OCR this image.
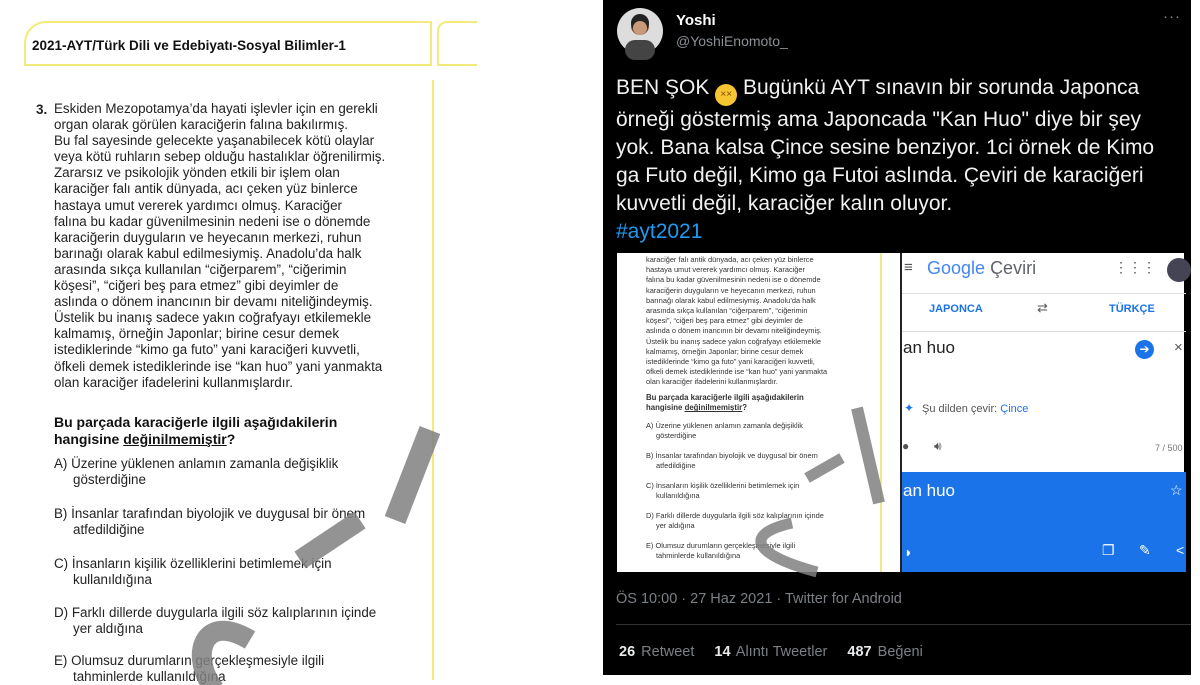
2021-AYT/Türk Dili ve Edebiyatı-Sosyal Bilimler-1
3. Eskiden Mezopotamya’da hayati işlevler için en gerekli
organ olarak görülen karaciğerin falına bakılırmış.
Bu fal sayesinde gelecekte yaşanabilecek kötü olaylar
veya kötü ruhların sebep olduğu hastalıklar öğrenilirmiş.
Zararsız ve psikolojik yönden etkili bir işlem olan
karaciğer falı antik dünyada, acı çeken yüz binlerce
hastaya umut vererek yardımcı olmuş. Karaciğer
falına bu kadar güvenilmesinin nedeni ise o dönemde
karaciğerin duyguların ve heyecanın merkezi, ruhun
barınağı olarak kabul edilmesiymiş. Anadolu’da halk
arasında sıkça kullanılan “ciğerparem”, “ciğerimin
köşesi”, “ciğeri beş para etmez” gibi deyimler de
aslında o dönem inancının bir devamı niteliğindeymiş.
Üstelik bu inanış sadece yakın coğrafyayı etkilemekle
kalmamış, örneğin Japonlar; birine cesur demek
istediklerinde “kimo ga futo” yani karaciğeri kuvvetli,
öfkeli demek istediklerinde ise “kan huo” yani yanmakta
olan karaciğer ifadelerini kullanmışlardır.
Bu parçada karaciğerle ilgili aşağıdakilerin
hangisine değinilmemiştir?
A) Üzerine yüklenen anlamın zamanla değişiklik
gösterdiğine
B) İnsanlar tarafından biyolojik ve duygusal bir önem
atfedildiğine
C) İnsanların kişilik özelliklerini betimlemek için
kullanıldığına
D) Farklı dillerde duygularla ilgili söz kalıplarının içinde
yer aldığına
E) Olumsuz durumların gerçekleşmesiyle ilgili
tahminlerde kullanıldığına
Yoshi
@YoshiEnomoto_
···
BEN ŞOK ×× Bugünkü AYT sınavın bir sorunda Japonca
örneği göstermiş ama Japoncada "Kan Huo" diye bir şey
yok. Bana kalsa Çince sesine benziyor. 1ci örnek de Kimo
ga Futo değil, Kimo ga Futoi aslında. Çeviri de karaciğeri
kuvvetli değil, karaciğer kalın oluyor.
#ayt2021
karaciğer falı antik dünyada, acı çeken yüz binlerce
hastaya umut vererek yardımcı olmuş. Karaciğer
falına bu kadar güvenilmesinin nedeni ise o dönemde
karaciğerin duyguların ve heyecanın merkezi, ruhun
barınağı olarak kabul edilmesiymiş. Anadolu’da halk
arasında sıkça kullanılan “ciğerparem”, “ciğerimin
köşesi”, “ciğeri beş para etmez” gibi deyimler de
aslında o dönem inancının bir devamı niteliğindeymiş.
Üstelik bu inanış sadece yakın coğrafyayı etkilemekle
kalmamış, örneğin Japonlar; birine cesur demek
istediklerinde “kimo ga futo” yani karaciğeri kuvvetli,
öfkeli demek istediklerinde ise “kan huo” yani yanmakta
olan karaciğer ifadelerini kullanmışlardır.
Bu parçada karaciğerle ilgili aşağıdakilerin
hangisine değinilmemiştir?
A) Üzerine yüklenen anlamın zamanla değişiklik
gösterdiğine
B) İnsanlar tarafından biyolojik ve duygusal bir önem
atfedildiğine
C) İnsanların kişilik özelliklerini betimlemek için
kullanıldığına
D) Farklı dillerde duygularla ilgili söz kalıplarının içinde
yer aldığına
E) Olumsuz durumların gerçekleşmesiyle ilgili
tahminlerde kullanıldığına
≡ Google Çeviri	⋮⋮⋮
JAPONCA	⇄	TÜRKÇE
an huo	➔ ×
✦ Şu dilden çevir: Çince
● 🔊︎	7 / 500
an huo	☆
◗	❐ ✎ <
ÖS 10:00 · 27 Haz 2021 · Twitter for Android
26 Retweet 14 Alıntı Tweetler 487 Beğeni
